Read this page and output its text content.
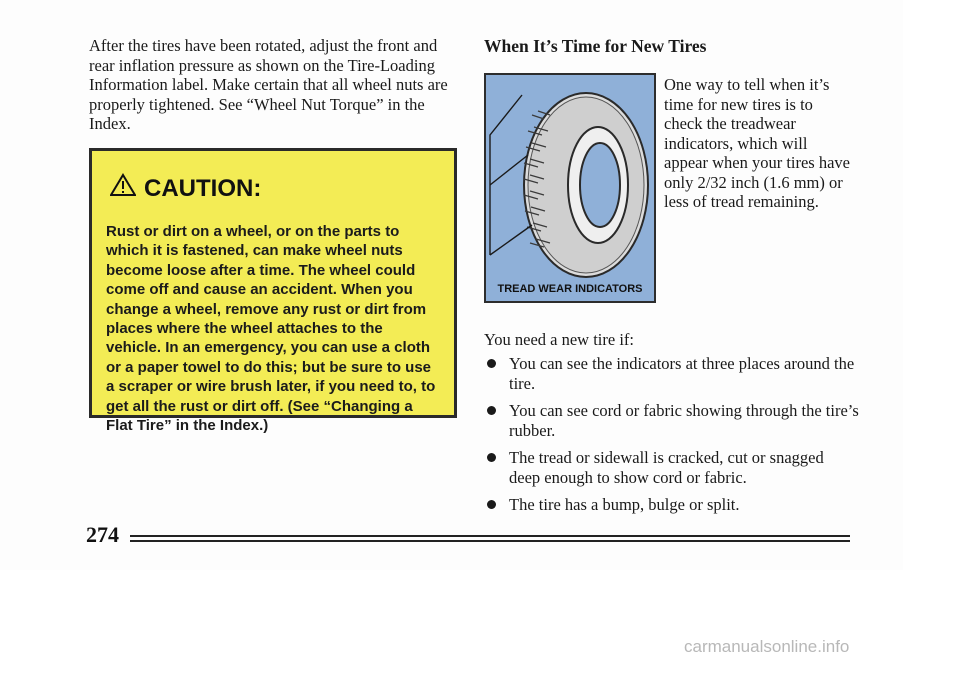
After the tires have been rotated, adjust the front and rear inflation pressure as shown on the Tire-Loading Information label. Make certain that all wheel nuts are properly tightened. See “Wheel Nut Torque” in the Index.
CAUTION:
Rust or dirt on a wheel, or on the parts to which it is fastened, can make wheel nuts become loose after a time. The wheel could come off and cause an accident. When you change a wheel, remove any rust or dirt from places where the wheel attaches to the vehicle. In an emergency, you can use a cloth or a paper towel to do this; but be sure to use a scraper or wire brush later, if you need to, to get all the rust or dirt off. (See “Changing a Flat Tire” in the Index.)
When It’s Time for New Tires
TREAD WEAR INDICATORS
One way to tell when it’s time for new tires is to check the treadwear indicators, which will appear when your tires have only 2/32 inch (1.6 mm) or less of tread remaining.
You need a new tire if:
You can see the indicators at three places around the tire.
You can see cord or fabric showing through the tire’s rubber.
The tread or sidewall is cracked, cut or snagged deep enough to show cord or fabric.
The tire has a bump, bulge or split.
274
carmanualsonline.info
